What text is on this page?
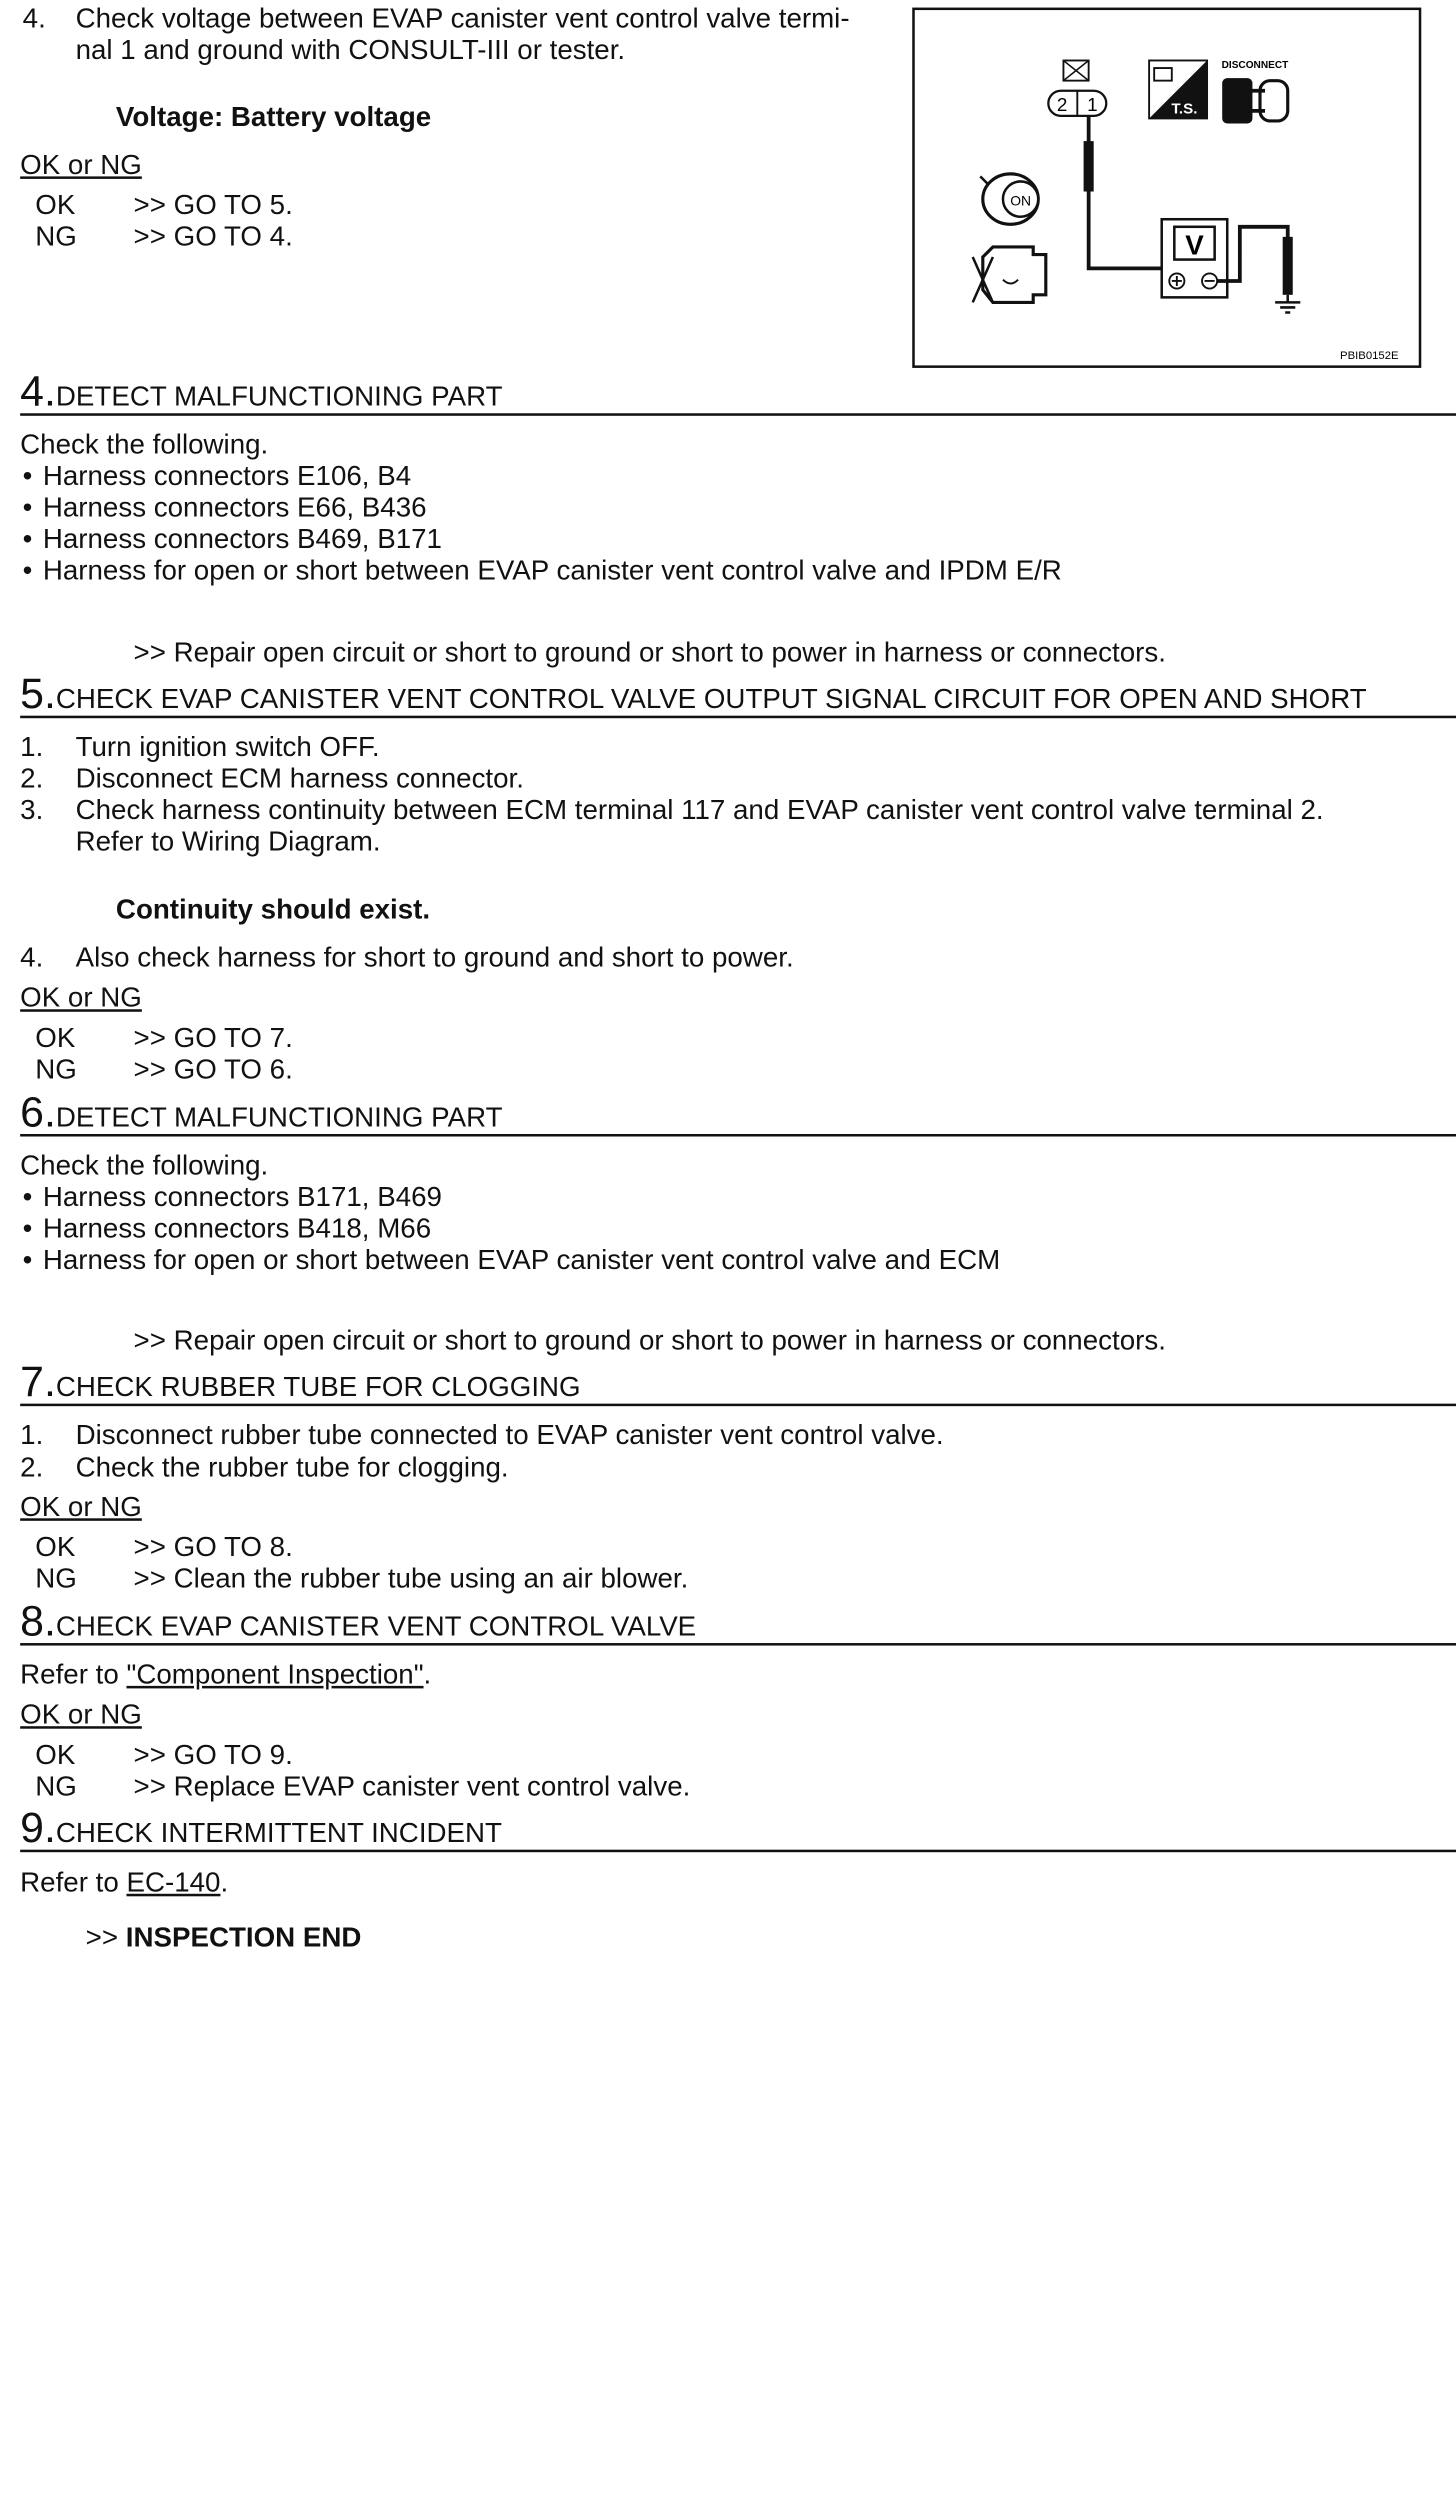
4. Check voltage between EVAP canister vent control valve termi-
nal 1 and ground with CONSULT-III or tester.
Voltage: Battery voltage
OK or NG
OK	>> GO TO 5.
NG	>> GO TO 4.
2 1
ON
V
T.S.
DISCONNECT
PBIB0152E
4.DETECT MALFUNCTIONING PART
Check the following.
• Harness connectors E106, B4
• Harness connectors E66, B436
• Harness connectors B469, B171
• Harness for open or short between EVAP canister vent control valve and IPDM E/R
>> Repair open circuit or short to ground or short to power in harness or connectors.
5.CHECK EVAP CANISTER VENT CONTROL VALVE OUTPUT SIGNAL CIRCUIT FOR OPEN AND SHORT
1. Turn ignition switch OFF.
2. Disconnect ECM harness connector.
3. Check harness continuity between ECM terminal 117 and EVAP canister vent control valve terminal 2.
Refer to Wiring Diagram.
Continuity should exist.
4. Also check harness for short to ground and short to power.
OK or NG
OK	>> GO TO 7.
NG	>> GO TO 6.
6.DETECT MALFUNCTIONING PART
Check the following.
• Harness connectors B171, B469
• Harness connectors B418, M66
• Harness for open or short between EVAP canister vent control valve and ECM
>> Repair open circuit or short to ground or short to power in harness or connectors.
7.CHECK RUBBER TUBE FOR CLOGGING
1. Disconnect rubber tube connected to EVAP canister vent control valve.
2. Check the rubber tube for clogging.
OK or NG
OK	>> GO TO 8.
NG	>> Clean the rubber tube using an air blower.
8.CHECK EVAP CANISTER VENT CONTROL VALVE
Refer to "Component Inspection".
OK or NG
OK	>> GO TO 9.
NG	>> Replace EVAP canister vent control valve.
9.CHECK INTERMITTENT INCIDENT
Refer to EC-140.
>> INSPECTION END
